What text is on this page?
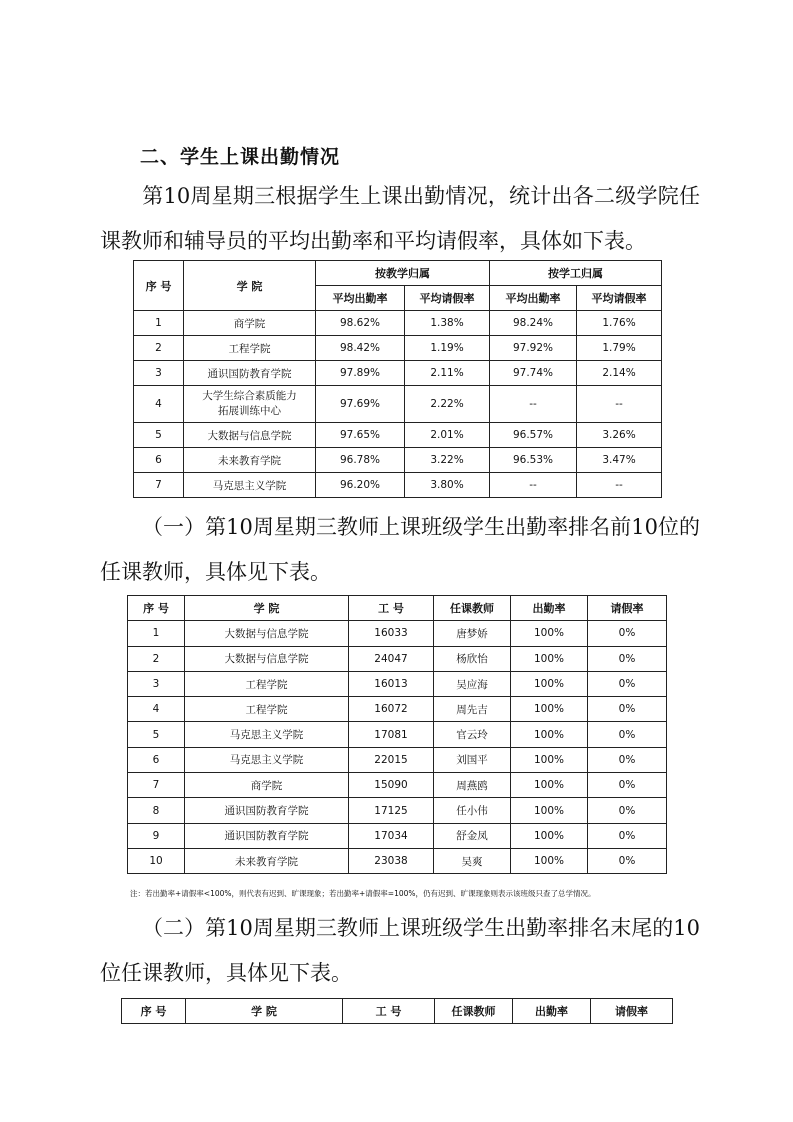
二、学生上课出勤情况
第10周星期三根据学生上课出勤情况，统计出各二级学院任课教师和辅导员的平均出勤率和平均请假率，具体如下表。
序 号	学 院	按教学归属		按学工归属	
		平均出勤率	平均请假率	平均出勤率	平均请假率
1	商学院	98.62%	1.38%	98.24%	1.76%
2	工程学院	98.42%	1.19%	97.92%	1.79%
3	通识国防教育学院	97.89%	2.11%	97.74%	2.14%
4	大学生综合素质能力拓展训练中心	97.69%	2.22%	--	--
5	大数据与信息学院	97.65%	2.01%	96.57%	3.26%
6	未来教育学院	96.78%	3.22%	96.53%	3.47%
7	马克思主义学院	96.20%	3.80%	--	--
（一）第10周星期三教师上课班级学生出勤率排名前10位的任课教师，具体见下表。
序 号	学 院	工 号	任课教师	出勤率	请假率
1	大数据与信息学院	16033	唐梦娇	100%	0%
2	大数据与信息学院	24047	杨欣怡	100%	0%
3	工程学院	16013	吴应海	100%	0%
4	工程学院	16072	周先吉	100%	0%
5	马克思主义学院	17081	官云玲	100%	0%
6	马克思主义学院	22015	刘国平	100%	0%
7	商学院	15090	周燕鸥	100%	0%
8	通识国防教育学院	17125	任小伟	100%	0%
9	通识国防教育学院	17034	舒金凤	100%	0%
10	未来教育学院	23038	吴爽	100%	0%
注：若出勤率+请假率<100%，则代表有迟到、旷课现象；若出勤率+请假率=100%，仍有迟到、旷课现象则表示该班级只查了总学情况。
（二）第10周星期三教师上课班级学生出勤率排名末尾的10位任课教师，具体见下表。
序 号	学 院	工 号	任课教师	出勤率	请假率
